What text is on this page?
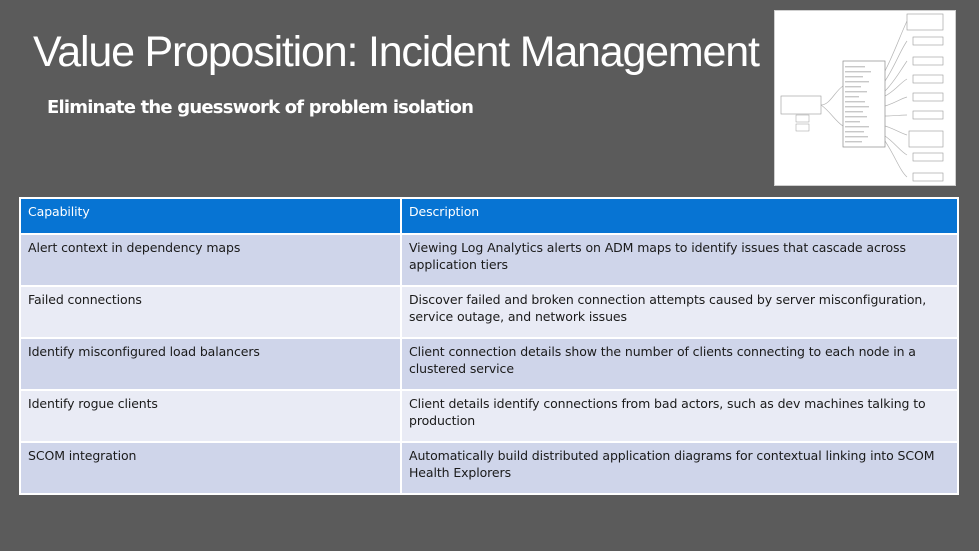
Value Proposition: Incident Management
Eliminate the guesswork of problem isolation
Capability	Description
Alert context in dependency maps	Viewing Log Analytics alerts on ADM maps to identify issues that cascade across application tiers
Failed connections	Discover failed and broken connection attempts caused by server misconfiguration, service outage, and network issues
Identify misconfigured load balancers	Client connection details show the number of clients connecting to each node in a clustered service
Identify rogue clients	Client details identify connections from bad actors, such as dev machines talking to production
SCOM integration	Automatically build distributed application diagrams for contextual linking into SCOM Health Explorers
